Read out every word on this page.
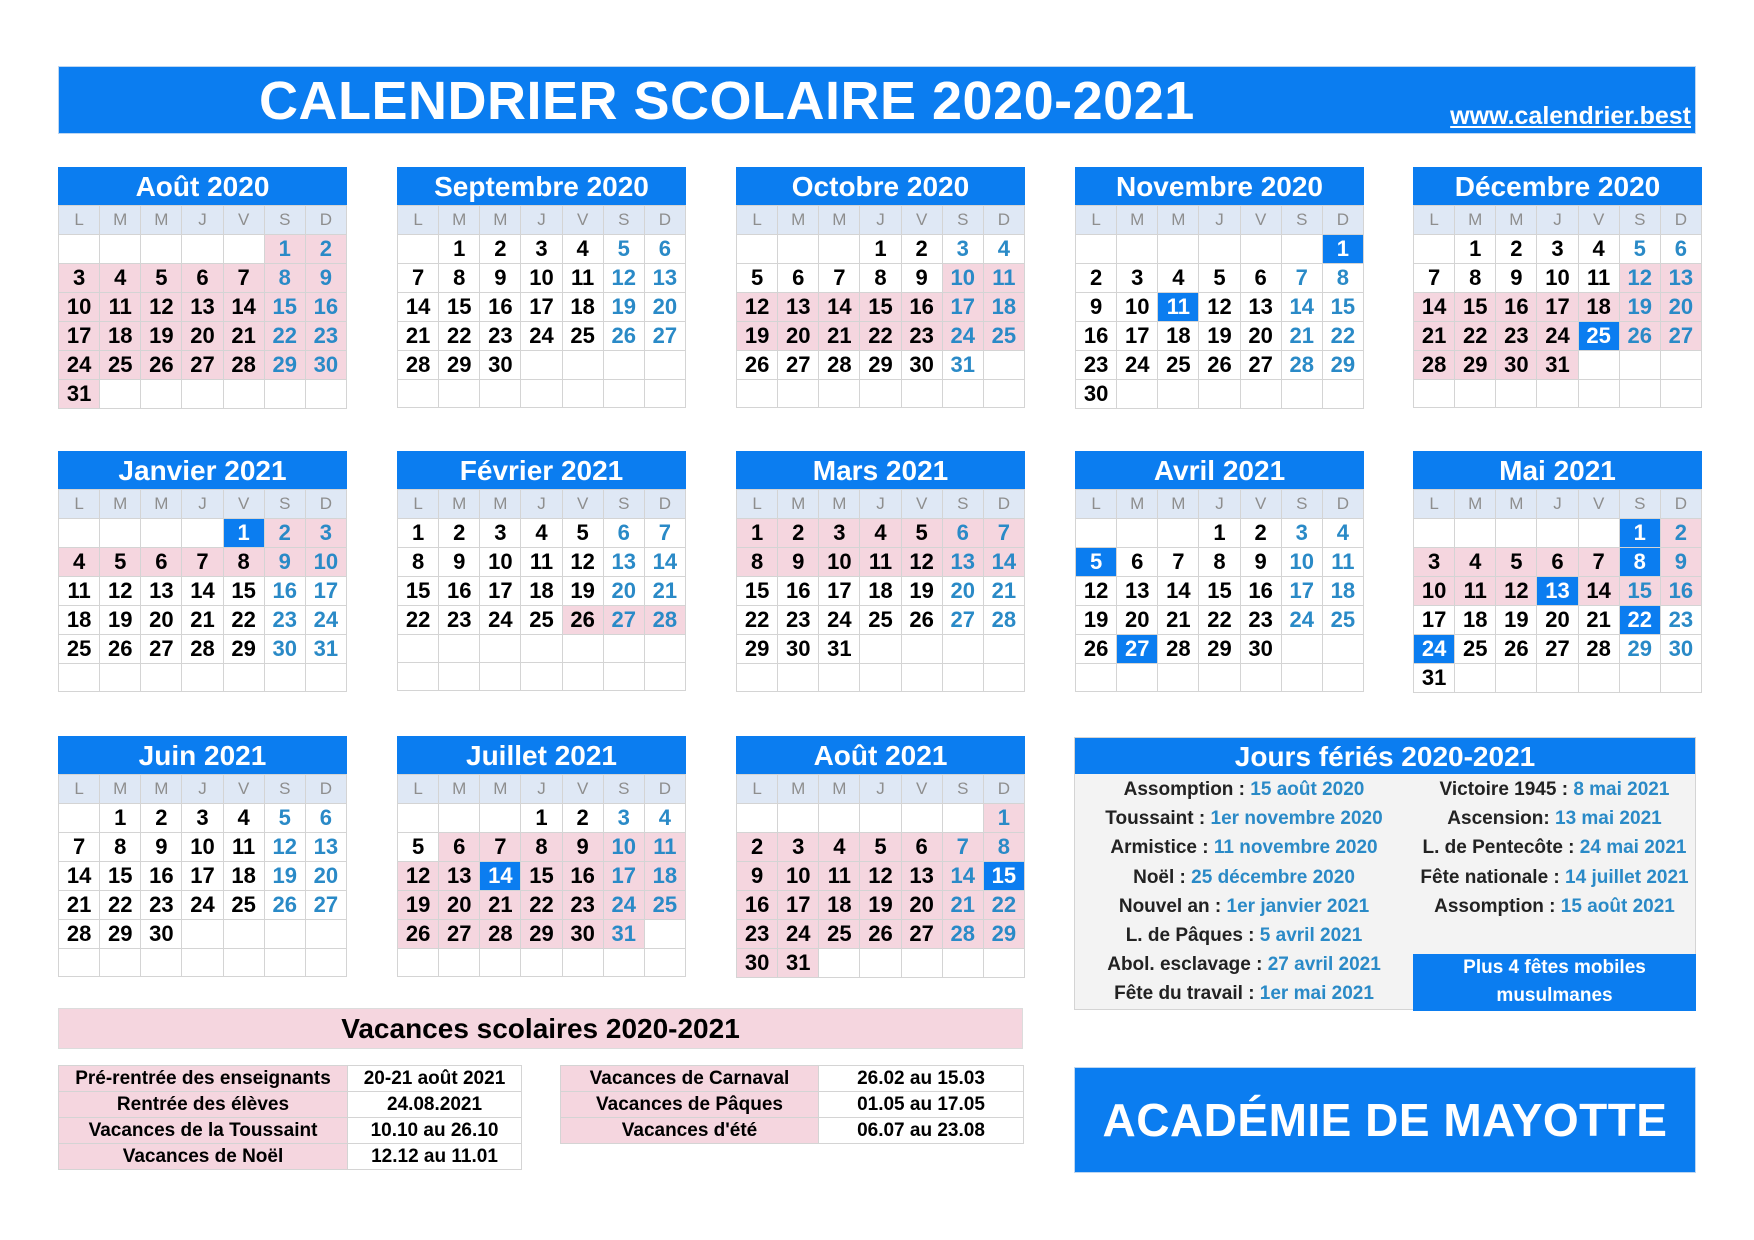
CALENDRIER SCOLAIRE 2020-2021	www.calendrier.best
Août 2020
L	M	M	J	V	S	D
					1	2
3	4	5	6	7	8	9
10	11	12	13	14	15	16
17	18	19	20	21	22	23
24	25	26	27	28	29	30
31						
Septembre 2020
L	M	M	J	V	S	D
	1	2	3	4	5	6
7	8	9	10	11	12	13
14	15	16	17	18	19	20
21	22	23	24	25	26	27
28	29	30				

Octobre 2020
L	M	M	J	V	S	D
			1	2	3	4
5	6	7	8	9	10	11
12	13	14	15	16	17	18
19	20	21	22	23	24	25
26	27	28	29	30	31	

Novembre 2020
L	M	M	J	V	S	D
						1
2	3	4	5	6	7	8
9	10	11	12	13	14	15
16	17	18	19	20	21	22
23	24	25	26	27	28	29
30						
Décembre 2020
L	M	M	J	V	S	D
	1	2	3	4	5	6
7	8	9	10	11	12	13
14	15	16	17	18	19	20
21	22	23	24	25	26	27
28	29	30	31			

Janvier 2021
L	M	M	J	V	S	D
				1	2	3
4	5	6	7	8	9	10
11	12	13	14	15	16	17
18	19	20	21	22	23	24
25	26	27	28	29	30	31

Février 2021
L	M	M	J	V	S	D
1	2	3	4	5	6	7
8	9	10	11	12	13	14
15	16	17	18	19	20	21
22	23	24	25	26	27	28

Mars 2021
L	M	M	J	V	S	D
1	2	3	4	5	6	7
8	9	10	11	12	13	14
15	16	17	18	19	20	21
22	23	24	25	26	27	28
29	30	31				

Avril 2021
L	M	M	J	V	S	D
			1	2	3	4
5	6	7	8	9	10	11
12	13	14	15	16	17	18
19	20	21	22	23	24	25
26	27	28	29	30		

Mai 2021
L	M	M	J	V	S	D
					1	2
3	4	5	6	7	8	9
10	11	12	13	14	15	16
17	18	19	20	21	22	23
24	25	26	27	28	29	30
31						
Juin 2021
L	M	M	J	V	S	D
	1	2	3	4	5	6
7	8	9	10	11	12	13
14	15	16	17	18	19	20
21	22	23	24	25	26	27
28	29	30				

Juillet 2021
L	M	M	J	V	S	D
			1	2	3	4
5	6	7	8	9	10	11
12	13	14	15	16	17	18
19	20	21	22	23	24	25
26	27	28	29	30	31	

Août 2021
L	M	M	J	V	S	D
						1
2	3	4	5	6	7	8
9	10	11	12	13	14	15
16	17	18	19	20	21	22
23	24	25	26	27	28	29
30	31					
Jours fériés 2020-2021
Assomption : 15 août 2020
Toussaint : 1er novembre 2020
Armistice : 11 novembre 2020
Noël : 25 décembre 2020
Nouvel an : 1er janvier 2021
L. de Pâques : 5 avril 2021
Abol. esclavage : 27 avril 2021
Fête du travail : 1er mai 2021
Victoire 1945 : 8 mai 2021
Ascension: 13 mai 2021
L. de Pentecôte : 24 mai 2021
Fête nationale : 14 juillet 2021
Assomption : 15 août 2021
Plus 4 fêtes mobiles
musulmanes
Vacances scolaires 2020-2021
Pré-rentrée des enseignants	20-21 août 2021
Rentrée des élèves	24.08.2021
Vacances de la Toussaint	10.10 au 26.10
Vacances de Noël	12.12 au 11.01
Vacances de Carnaval	26.02 au 15.03
Vacances de Pâques	01.05 au 17.05
Vacances d'été	06.07 au 23.08	ACADÉMIE DE MAYOTTE
